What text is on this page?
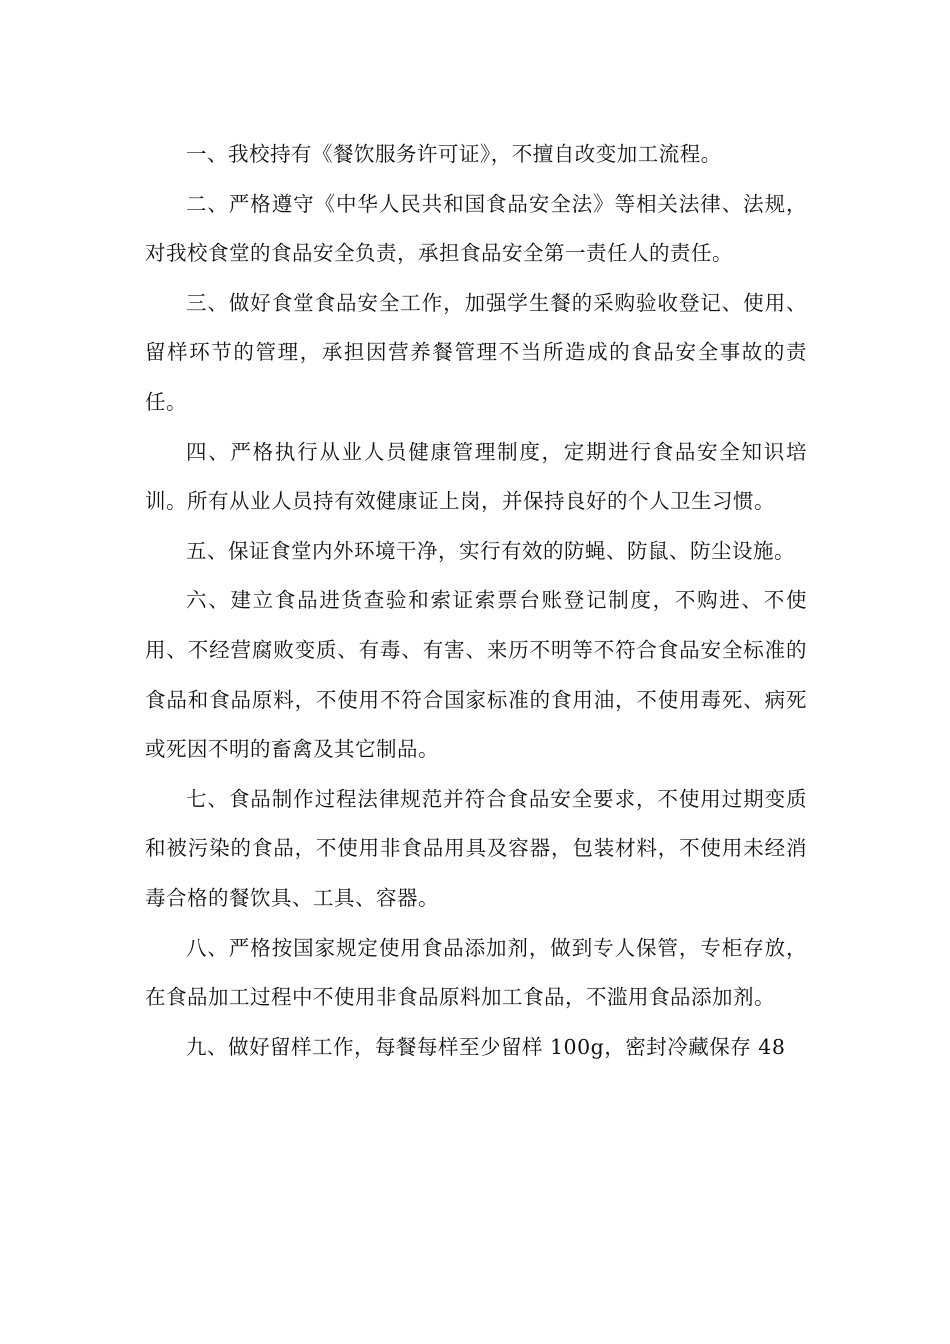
一、我校持有《餐饮服务许可证》，不擅自改变加工流程。

二、严格遵守《中华人民共和国食品安全法》等相关法律、法规，对我校食堂的食品安全负责，承担食品安全第一责任人的责任。

三、做好食堂食品安全工作，加强学生餐的采购验收登记、使用、留样环节的管理，承担因营养餐管理不当所造成的食品安全事故的责任。

四、严格执行从业人员健康管理制度，定期进行食品安全知识培训。所有从业人员持有效健康证上岗，并保持良好的个人卫生习惯。

五、保证食堂内外环境干净，实行有效的防蝇、防鼠、防尘设施。

六、建立食品进货查验和索证索票台账登记制度，不购进、不使用、不经营腐败变质、有毒、有害、来历不明等不符合食品安全标准的食品和食品原料，不使用不符合国家标准的食用油，不使用毒死、病死或死因不明的畜禽及其它制品。

七、食品制作过程法律规范并符合食品安全要求，不使用过期变质和被污染的食品，不使用非食品用具及容器，包装材料，不使用未经消毒合格的餐饮具、工具、容器。

八、严格按国家规定使用食品添加剂，做到专人保管，专柜存放，在食品加工过程中不使用非食品原料加工食品，不滥用食品添加剂。

九、做好留样工作，每餐每样至少留样 100g，密封冷藏保存 48
